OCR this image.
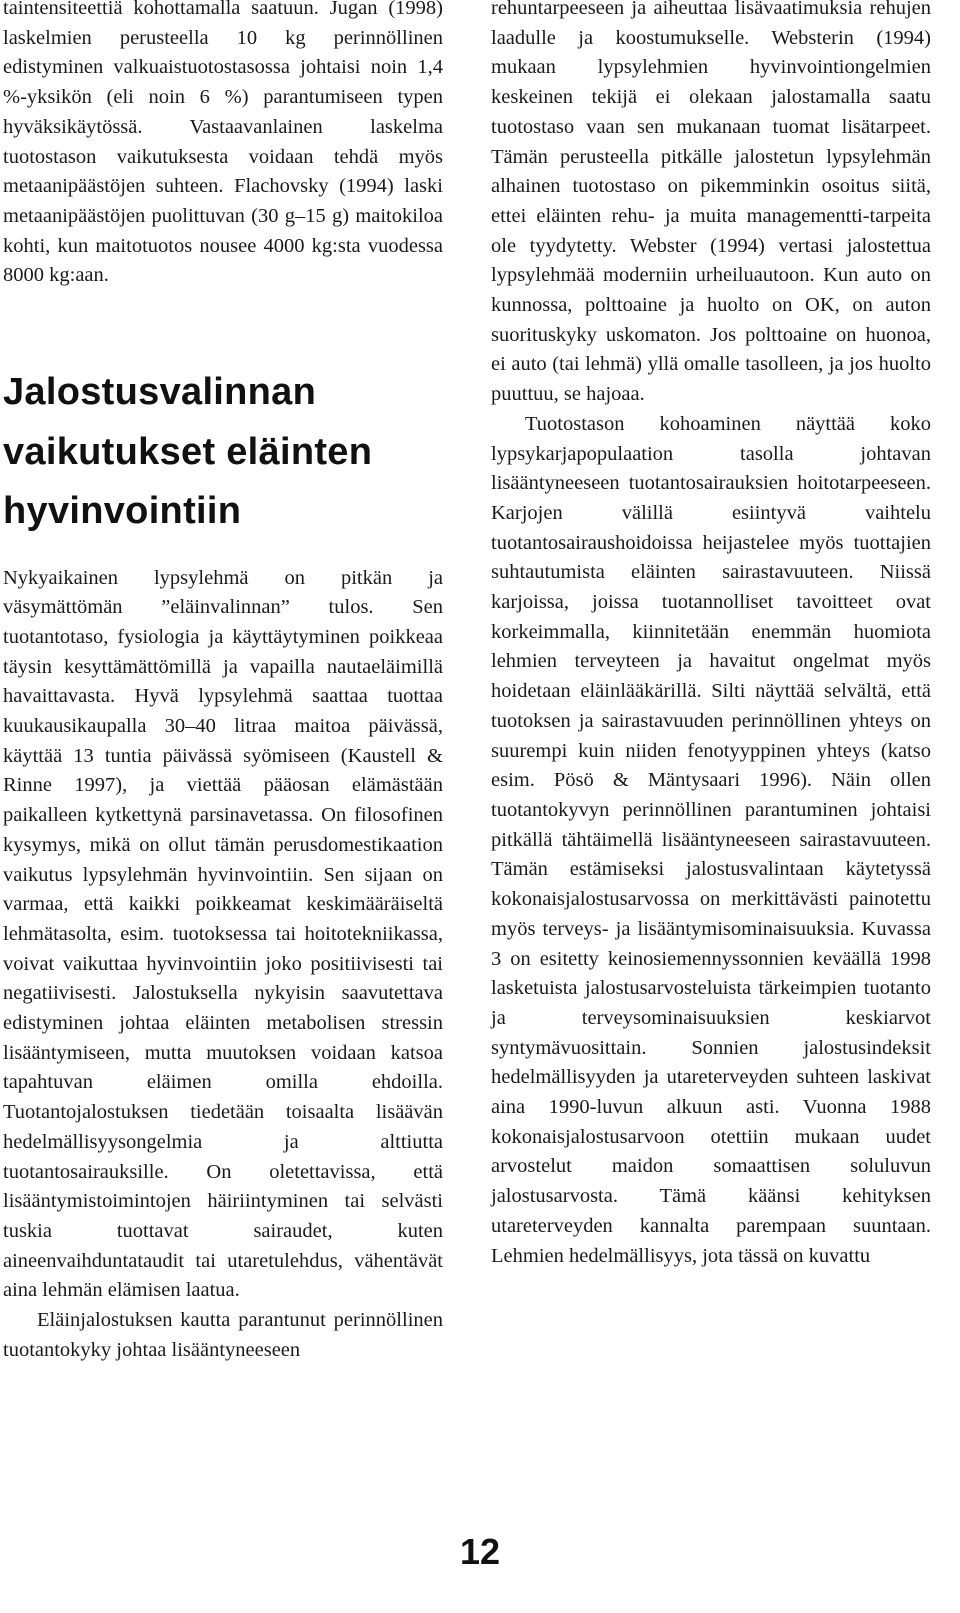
taintensiteettiä kohottamalla saatuun. Jugan (1998) laskelmien perusteella 10 kg perinnöllinen edistyminen valkuaistuotostasossa johtaisi noin 1,4 %-yksikön (eli noin 6 %) parantumiseen typen hyväksikäytössä. Vastaavanlainen laskelma tuotostason vaikutuksesta voidaan tehdä myös metaanipäästöjen suhteen. Flachovsky (1994) laski metaanipäästöjen puolittuvan (30 g–15 g) maitokiloa kohti, kun maitotuotos nousee 4000 kg:sta vuodessa 8000 kg:aan.

Jalostusvalinnan vaikutukset eläinten hyvinvointiin

Nykyaikainen lypsylehmä on pitkän ja väsymättömän ”eläinvalinnan” tulos. Sen tuotantotaso, fysiologia ja käyttäytyminen poikkeaa täysin kesyttämättömillä ja vapailla nautaeläimillä havaittavasta. Hyvä lypsylehmä saattaa tuottaa kuukausikaupalla 30–40 litraa maitoa päivässä, käyttää 13 tuntia päivässä syömiseen (Kaustell & Rinne 1997), ja viettää pääosan elämästään paikalleen kytkettynä parsinavetassa. On filosofinen kysymys, mikä on ollut tämän perusdomestikaation vaikutus lypsylehmän hyvinvointiin. Sen sijaan on varmaa, että kaikki poikkeamat keskimääräiseltä lehmätasolta, esim. tuotoksessa tai hoitotekniikassa, voivat vaikuttaa hyvinvointiin joko positiivisesti tai negatiivisesti. Jalostuksella nykyisin saavutettava edistyminen johtaa eläinten metabolisen stressin lisääntymiseen, mutta muutoksen voidaan katsoa tapahtuvan eläimen omilla ehdoilla. Tuotantojalostuksen tiedetään toisaalta lisäävän hedelmällisyysongelmia ja alttiutta tuotantosairauksille. On oletettavissa, että lisääntymistoimintojen häiriintyminen tai selvästi tuskia tuottavat sairaudet, kuten aineenvaihduntataudit tai utaretulehdus, vähentävät aina lehmän elämisen laatua.

Eläinjalostuksen kautta parantunut perinnöllinen tuotantokyky johtaa lisääntyneeseen

rehuntarpeeseen ja aiheuttaa lisävaatimuksia rehujen laadulle ja koostumukselle. Websterin (1994) mukaan lypsylehmien hyvinvointiongelmien keskeinen tekijä ei olekaan jalostamalla saatu tuotostaso vaan sen mukanaan tuomat lisätarpeet. Tämän perusteella pitkälle jalostetun lypsylehmän alhainen tuotostaso on pikemminkin osoitus siitä, ettei eläinten rehu- ja muita managementti-tarpeita ole tyydytetty. Webster (1994) vertasi jalostettua lypsylehmää moderniin urheiluautoon. Kun auto on kunnossa, polttoaine ja huolto on OK, on auton suorituskyky uskomaton. Jos polttoaine on huonoa, ei auto (tai lehmä) yllä omalle tasolleen, ja jos huolto puuttuu, se hajoaa.

Tuotostason kohoaminen näyttää koko lypsykarjapopulaation tasolla johtavan lisääntyneeseen tuotantosairauksien hoitotarpeeseen. Karjojen välillä esiintyvä vaihtelu tuotantosairaushoidoissa heijastelee myös tuottajien suhtautumista eläinten sairastavuuteen. Niissä karjoissa, joissa tuotannolliset tavoitteet ovat korkeimmalla, kiinnitetään enemmän huomiota lehmien terveyteen ja havaitut ongelmat myös hoidetaan eläinlääkärillä. Silti näyttää selvältä, että tuotoksen ja sairastavuuden perinnöllinen yhteys on suurempi kuin niiden fenotyyppinen yhteys (katso esim. Pösö & Mäntysaari 1996). Näin ollen tuotantokyvyn perinnöllinen parantuminen johtaisi pitkällä tähtäimellä lisääntyneeseen sairastavuuteen. Tämän estämiseksi jalostusvalintaan käytetyssä kokonaisjalostusarvossa on merkittävästi painotettu myös terveys- ja lisääntymisominaisuuksia. Kuvassa 3 on esitetty keinosiemennyssonnien keväällä 1998 lasketuista jalostusarvosteluista tärkeimpien tuotanto ja terveysominaisuuksien keskiarvot syntymävuosittain. Sonnien jalostusindeksit hedelmällisyyden ja utareterveyden suhteen laskivat aina 1990-luvun alkuun asti. Vuonna 1988 kokonaisjalostusarvoon otettiin mukaan uudet arvostelut maidon somaattisen soluluvun jalostusarvosta. Tämä käänsi kehityksen utareterveyden kannalta parempaan suuntaan. Lehmien hedelmällisyys, jota tässä on kuvattu

12
